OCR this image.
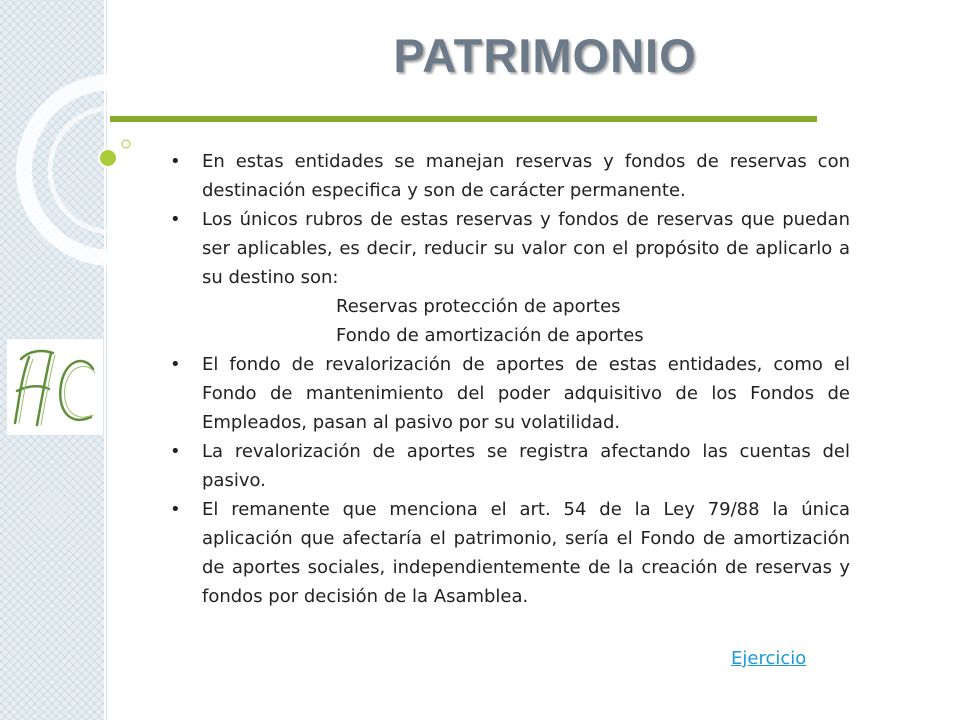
PATRIMONIO
• En estas entidades se manejan reservas y fondos de reservas con destinación especifica y son de carácter permanente.
• Los únicos rubros de estas reservas y fondos de reservas que puedan ser aplicables, es decir, reducir su valor con el propósito de aplicarlo a su destino son:
Reservas protección de aportes
Fondo de amortización de aportes
• El fondo de revalorización de aportes de estas entidades, como el Fondo de mantenimiento del poder adquisitivo de los Fondos de Empleados, pasan al pasivo por su volatilidad.
• La revalorización de aportes se registra afectando las cuentas del pasivo.
• El remanente que menciona el art. 54 de la Ley 79/88 la única aplicación que afectaría el patrimonio, sería el Fondo de amortización de aportes sociales, independientemente de la creación de reservas y fondos por decisión de la Asamblea.
Ejercicio
